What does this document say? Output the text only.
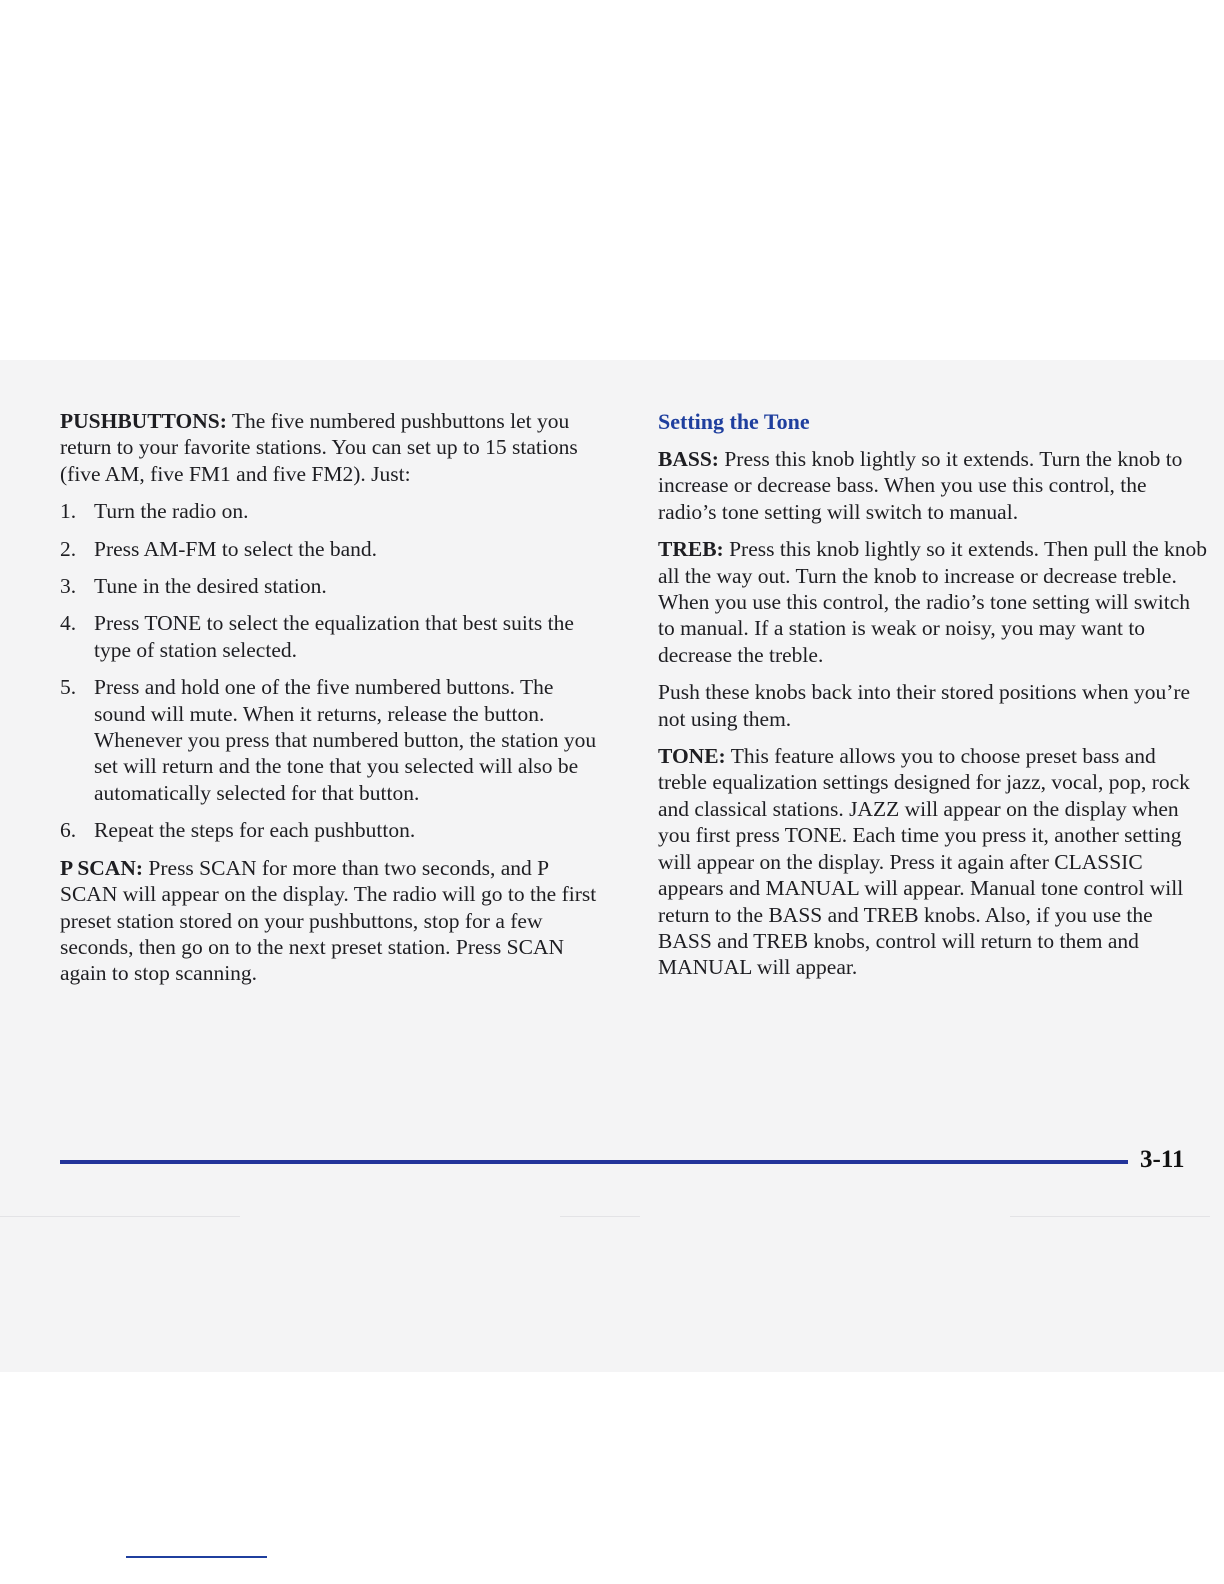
PUSHBUTTONS: The five numbered pushbuttons let you return to your favorite stations. You can set up to 15 stations (five AM, five FM1 and five FM2). Just:

1. Turn the radio on.
2. Press AM-FM to select the band.
3. Tune in the desired station.
4. Press TONE to select the equalization that best suits the type of station selected.
5. Press and hold one of the five numbered buttons. The sound will mute. When it returns, release the button. Whenever you press that numbered button, the station you set will return and the tone that you selected will also be automatically selected for that button.
6. Repeat the steps for each pushbutton.

P SCAN: Press SCAN for more than two seconds, and P SCAN will appear on the display. The radio will go to the first preset station stored on your pushbuttons, stop for a few seconds, then go on to the next preset station. Press SCAN again to stop scanning.

Setting the Tone

BASS: Press this knob lightly so it extends. Turn the knob to increase or decrease bass. When you use this control, the radio’s tone setting will switch to manual.

TREB: Press this knob lightly so it extends. Then pull the knob all the way out. Turn the knob to increase or decrease treble. When you use this control, the radio’s tone setting will switch to manual. If a station is weak or noisy, you may want to decrease the treble.

Push these knobs back into their stored positions when you’re not using them.

TONE: This feature allows you to choose preset bass and treble equalization settings designed for jazz, vocal, pop, rock and classical stations. JAZZ will appear on the display when you first press TONE. Each time you press it, another setting will appear on the display. Press it again after CLASSIC appears and MANUAL will appear. Manual tone control will return to the BASS and TREB knobs. Also, if you use the BASS and TREB knobs, control will return to them and MANUAL will appear.

3-11
